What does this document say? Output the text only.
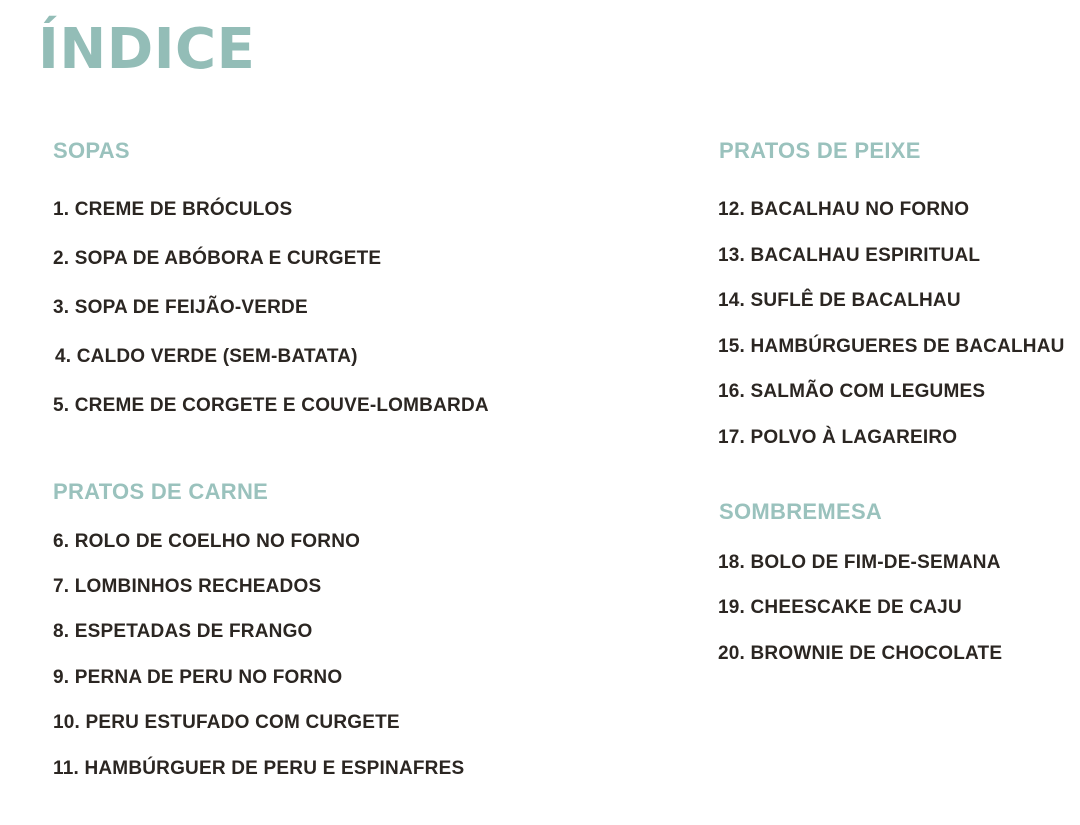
ÍNDICE
SOPAS
1. CREME DE BRÓCULOS
2. SOPA DE ABÓBORA E CURGETE
3. SOPA DE FEIJÃO-VERDE
4. CALDO VERDE (SEM-BATATA)
5. CREME DE CORGETE E COUVE-LOMBARDA
PRATOS DE CARNE
6. ROLO DE COELHO NO FORNO
7. LOMBINHOS RECHEADOS
8. ESPETADAS DE FRANGO
9. PERNA DE PERU NO FORNO
10. PERU ESTUFADO COM CURGETE
11. HAMBÚRGUER DE PERU E ESPINAFRES
PRATOS DE PEIXE
12. BACALHAU NO FORNO
13. BACALHAU ESPIRITUAL
14. SUFLÊ DE BACALHAU
15. HAMBÚRGUERES DE BACALHAU
16. SALMÃO COM LEGUMES
17. POLVO À LAGAREIRO
SOMBREMESA
18. BOLO DE FIM-DE-SEMANA
19. CHEESCAKE DE CAJU
20. BROWNIE DE CHOCOLATE
